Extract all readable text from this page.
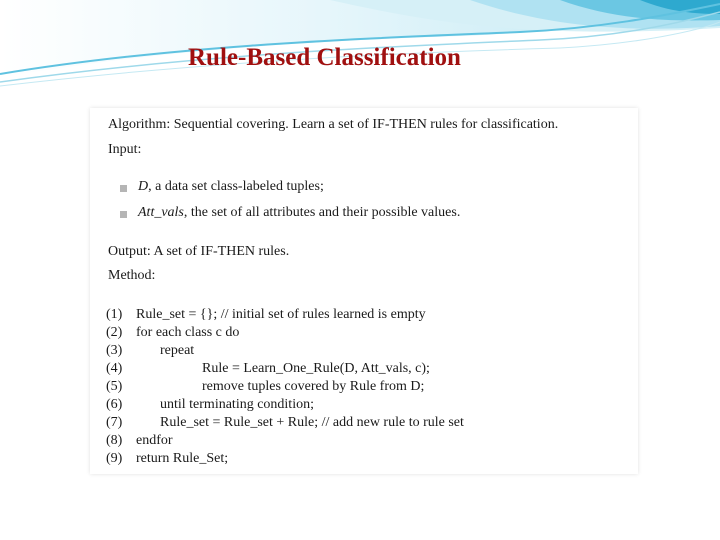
Rule-Based Classification
Algorithm: Sequential covering. Learn a set of IF-THEN rules for classification.
Input:
D, a data set class-labeled tuples;
Att_vals, the set of all attributes and their possible values.
Output: A set of IF-THEN rules.
Method:
(1) Rule_set = {}; // initial set of rules learned is empty
(2) for each class c do
(3)	repeat
(4)	Rule = Learn_One_Rule(D, Att_vals, c);
(5)	remove tuples covered by Rule from D;
(6)	until terminating condition;
(7)	Rule_set = Rule_set + Rule; // add new rule to rule set
(8) endfor
(9) return Rule_Set;
